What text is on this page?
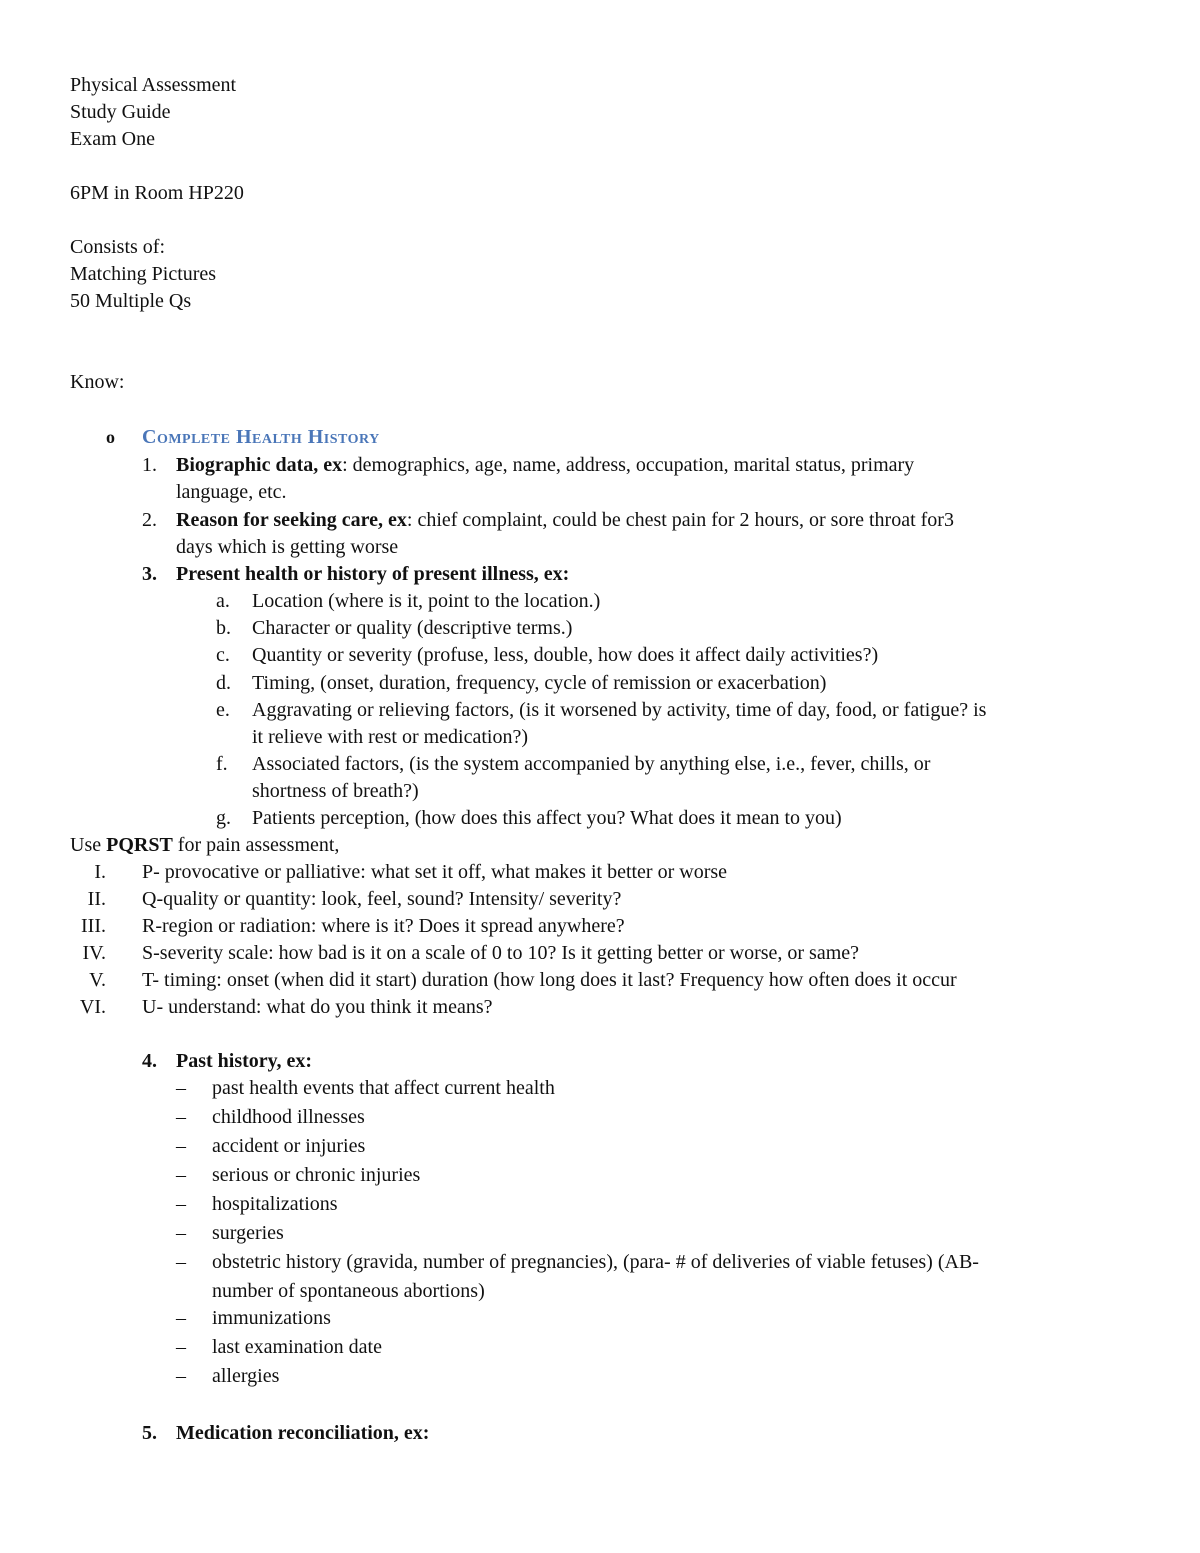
Physical Assessment
Study Guide
Exam One
6PM in Room HP220
Consists of:
Matching Pictures
50 Multiple Qs
Know:
o Complete Health History
1. Biographic data, ex: demographics, age, name, address, occupation, marital status, primary
language, etc.
2. Reason for seeking care, ex: chief complaint, could be chest pain for 2 hours, or sore throat for3
days which is getting worse
3. Present health or history of present illness, ex:
a. Location (where is it, point to the location.)
b. Character or quality (descriptive terms.)
c. Quantity or severity (profuse, less, double, how does it affect daily activities?)
d. Timing, (onset, duration, frequency, cycle of remission or exacerbation)
e. Aggravating or relieving factors, (is it worsened by activity, time of day, food, or fatigue? is
it relieve with rest or medication?)
f. Associated factors, (is the system accompanied by anything else, i.e., fever, chills, or
shortness of breath?)
g. Patients perception, (how does this affect you? What does it mean to you)
Use PQRST for pain assessment,
I. P- provocative or palliative: what set it off, what makes it better or worse
II. Q-quality or quantity: look, feel, sound? Intensity/ severity?
III. R-region or radiation: where is it? Does it spread anywhere?
IV. S-severity scale: how bad is it on a scale of 0 to 10? Is it getting better or worse, or same?
V. T- timing: onset (when did it start) duration (how long does it last? Frequency how often does it occur
VI. U- understand: what do you think it means?
4. Past history, ex:
– past health events that affect current health
– childhood illnesses
– accident or injuries
– serious or chronic injuries
– hospitalizations
– surgeries
– obstetric history (gravida, number of pregnancies), (para- # of deliveries of viable fetuses) (AB-
number of spontaneous abortions)
– immunizations
– last examination date
– allergies
5. Medication reconciliation, ex:
